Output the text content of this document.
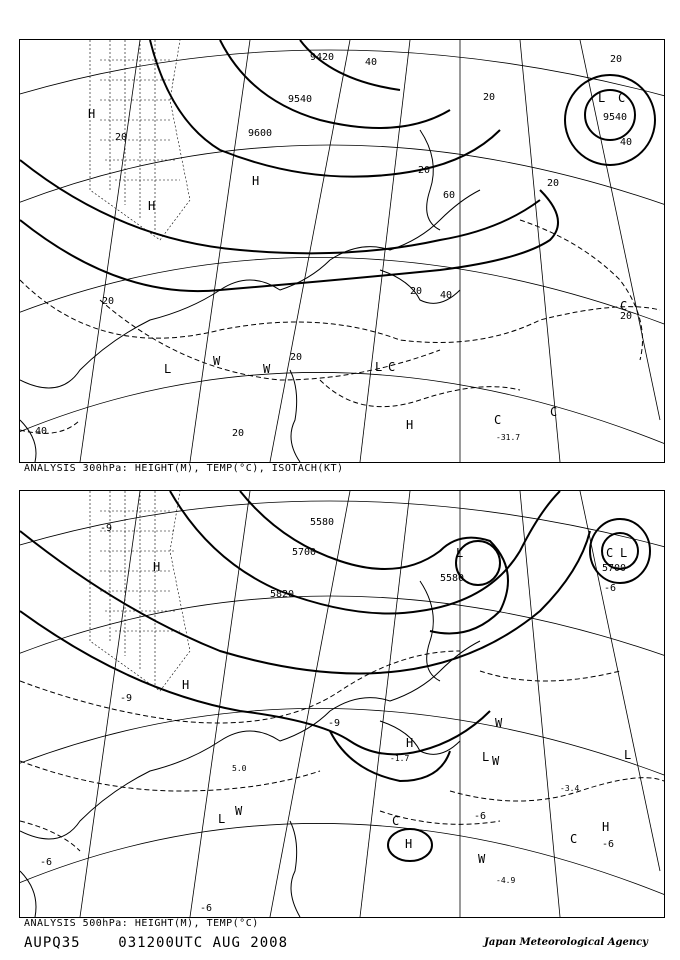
9420
9540
9600
9540
40
20
60
40
20
20
20
20
20
40
20
20
20
40
20
H
H
H
L C
H	C
C
L
W
W	L C
C
-31.7
ANALYSIS 300hPa: HEIGHT(M), TEMP(°C), ISOTACH(KT)
5580
5700
5820
5580
5700
-9
-6
-6
-9
-6
-6
-6
-9
H
H
L	C
H
W
H
W
L
C
L
W
C	H
W
L
L
-4.9
-1.7
-3.4
5.0
ANALYSIS 500hPa: HEIGHT(M), TEMP(°C)
AUPQ35	031200UTC AUG 2008	Japan Meteorological Agency
